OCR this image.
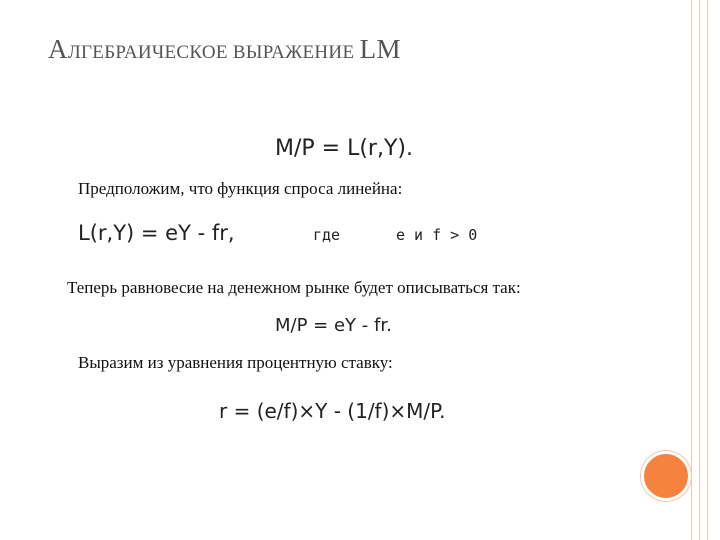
АЛГЕБРАИЧЕСКОЕ ВЫРАЖЕНИЕ LM
M/P = L(r,Y).
Предположим, что функция спроса линейна:
L(r,Y) = eY - fr,	где	e и f > 0
Теперь равновесие на денежном рынке будет описываться так:
M/P = eY - fr.
Выразим из уравнения процентную ставку:
r = (e/f)×Y - (1/f)×M/P.
